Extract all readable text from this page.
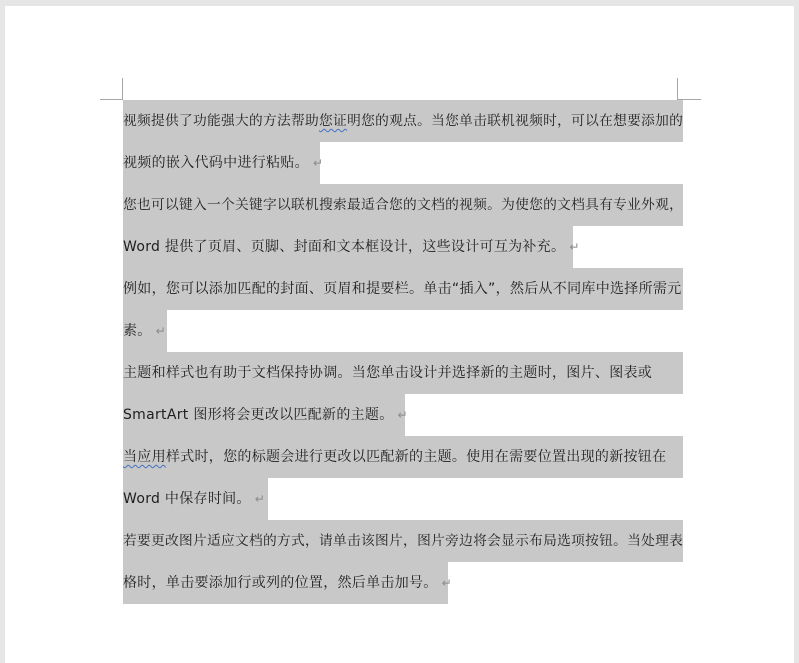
视频提供了功能强大的方法帮助您证明您的观点。当您单击联机视频时，可以在想要添加的
视频的嵌入代码中进行粘贴。 ↵
您也可以键入一个关键字以联机搜索最适合您的文档的视频。为使您的文档具有专业外观，
Word 提供了页眉、页脚、封面和文本框设计，这些设计可互为补充。 ↵
例如，您可以添加匹配的封面、页眉和提要栏。单击“插入”，然后从不同库中选择所需元
素。 ↵
主题和样式也有助于文档保持协调。当您单击设计并选择新的主题时，图片、图表或
SmartArt 图形将会更改以匹配新的主题。 ↵
当应用样式时，您的标题会进行更改以匹配新的主题。使用在需要位置出现的新按钮在
Word 中保存时间。 ↵
若要更改图片适应文档的方式，请单击该图片，图片旁边将会显示布局选项按钮。当处理表
格时，单击要添加行或列的位置，然后单击加号。 ↵
